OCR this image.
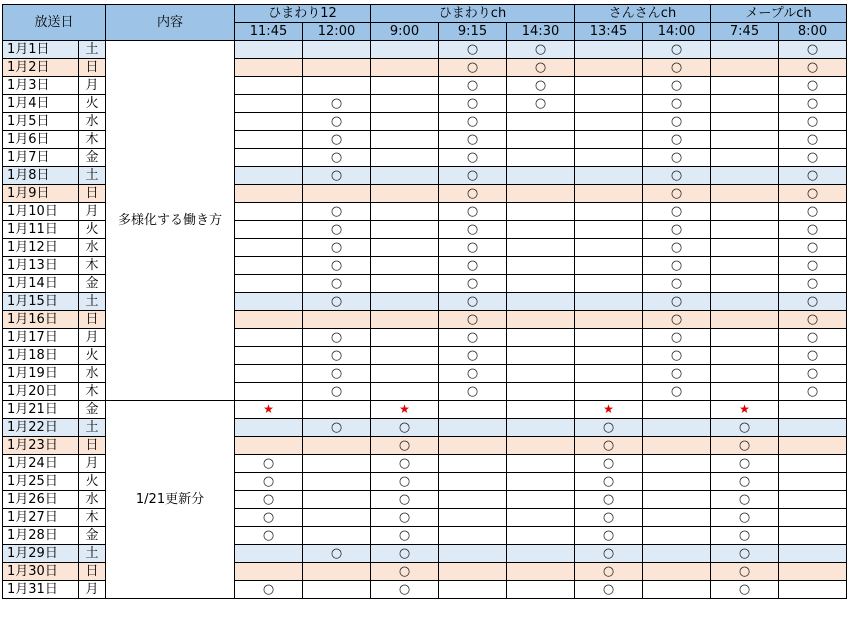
放送日		内容	ひまわり12		ひまわりch			さんさんch		メープルch	
			11:45	12:00	9:00	9:15	14:30	13:45	14:00	7:45	8:00
1月1日	土	多様化する働き方				○	○		○		○
1月2日	日					○	○		○		○
1月3日	月					○	○		○		○
1月4日	火			○		○	○		○		○
1月5日	水			○		○			○		○
1月6日	木			○		○			○		○
1月7日	金			○		○			○		○
1月8日	土			○		○			○		○
1月9日	日					○			○		○
1月10日	月			○		○			○		○
1月11日	火			○		○			○		○
1月12日	水			○		○			○		○
1月13日	木			○		○			○		○
1月14日	金			○		○			○		○
1月15日	土			○		○			○		○
1月16日	日					○			○		○
1月17日	月			○		○			○		○
1月18日	火			○		○			○		○
1月19日	水			○		○			○		○
1月20日	木			○		○			○		○
1月21日	金	1/21更新分	★		★			★		★	
1月22日	土			○	○			○		○	
1月23日	日				○			○		○	
1月24日	月		○		○			○		○	
1月25日	火		○		○			○		○	
1月26日	水		○		○			○		○	
1月27日	木		○		○			○		○	
1月28日	金		○		○			○		○	
1月29日	土			○	○			○		○	
1月30日	日				○			○		○	
1月31日	月		○		○			○		○	
